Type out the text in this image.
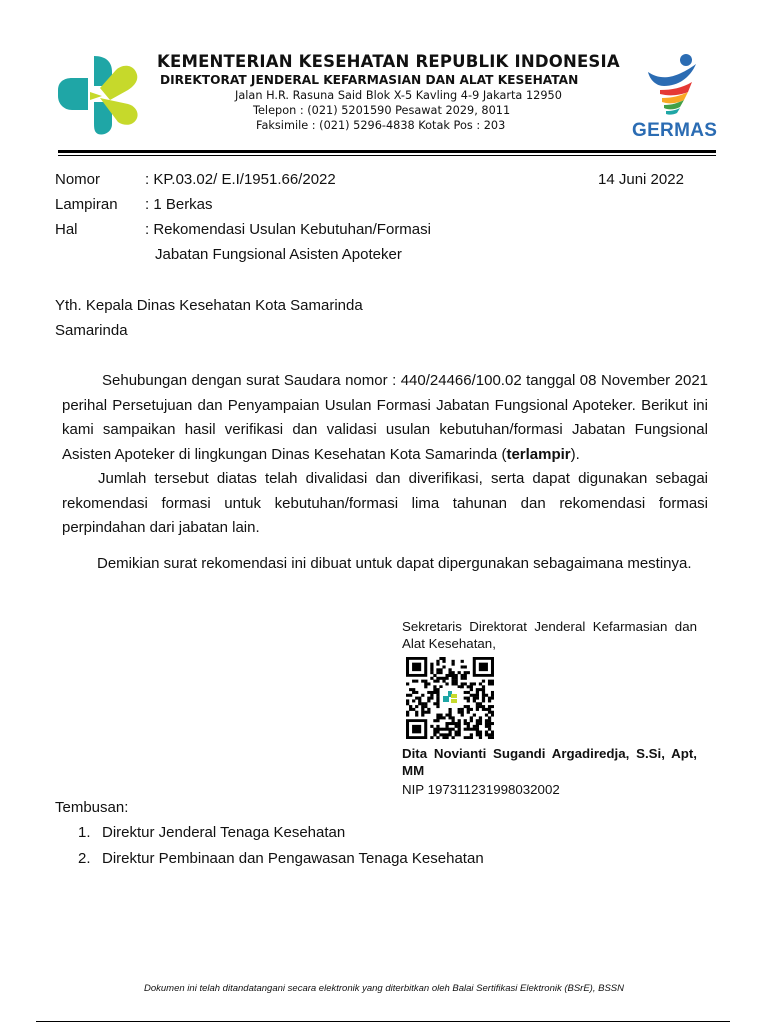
KEMENTERIAN KESEHATAN REPUBLIK INDONESIA
DIREKTORAT JENDERAL KEFARMASIAN DAN ALAT KESEHATAN
Jalan H.R. Rasuna Said Blok X-5 Kavling 4-9 Jakarta 12950
Telepon : (021) 5201590 Pesawat 2029, 8011
Faksimile : (021) 5296-4838 Kotak Pos : 203	GERMAS
Nomor	: KP.03.02/ E.I/1951.66/2022	14 Juni 2022
Lampiran : 1 Berkas
Hal	: Rekomendasi Usulan Kebutuhan/Formasi
Jabatan Fungsional Asisten Apoteker
Yth. Kepala Dinas Kesehatan Kota Samarinda
Samarinda
Sehubungan dengan surat Saudara nomor : 440/24466/100.02 tanggal 08 November 2021 perihal Persetujuan dan Penyampaian Usulan Formasi Jabatan Fungsional Apoteker. Berikut ini kami sampaikan hasil verifikasi dan validasi usulan kebutuhan/formasi Jabatan Fungsional Asisten Apoteker di lingkungan Dinas Kesehatan Kota Samarinda (terlampir).
Jumlah tersebut diatas telah divalidasi dan diverifikasi, serta dapat digunakan sebagai rekomendasi formasi untuk kebutuhan/formasi lima tahunan dan rekomendasi formasi perpindahan dari jabatan lain.
Demikian surat rekomendasi ini dibuat untuk dapat dipergunakan sebagaimana mestinya.
Sekretaris Direktorat Jenderal Kefarmasian dan Alat Kesehatan,
Dita Novianti Sugandi Argadiredja, S.Si, Apt, MM
NIP 197311231998032002
Tembusan:
1. Direktur Jenderal Tenaga Kesehatan
2. Direktur Pembinaan dan Pengawasan Tenaga Kesehatan
Dokumen ini telah ditandatangani secara elektronik yang diterbitkan oleh Balai Sertifikasi Elektronik (BSrE), BSSN
